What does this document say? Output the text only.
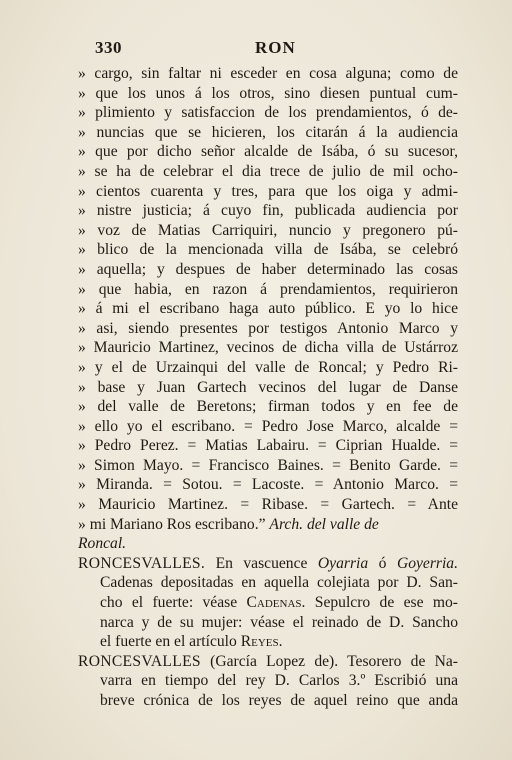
330	RON
» cargo, sin faltar ni esceder en cosa alguna; como de
» que los unos á los otros, sino diesen puntual cum-
» plimiento y satisfaccion de los prendamientos, ó de-
» nuncias que se hicieren, los citarán á la audiencia
» que por dicho señor alcalde de Isába, ó su sucesor,
» se ha de celebrar el dia trece de julio de mil ocho-
» cientos cuarenta y tres, para que los oiga y admi-
» nistre justicia; á cuyo fin, publicada audiencia por
» voz de Matias Carriquiri, nuncio y pregonero pú-
» blico de la mencionada villa de Isába, se celebró
» aquella; y despues de haber determinado las cosas
» que habia, en razon á prendamientos, requirieron
» á mi el escribano haga auto público. E yo lo hice
» asi, siendo presentes por testigos Antonio Marco y
» Mauricio Martinez, vecinos de dicha villa de Ustárroz
» y el de Urzainqui del valle de Roncal; y Pedro Ri-
» base y Juan Gartech vecinos del lugar de Danse
» del valle de Beretons; firman todos y en fee de
» ello yo el escribano. = Pedro Jose Marco, alcalde =
» Pedro Perez. = Matias Labairu. = Ciprian Hualde. =
» Simon Mayo. = Francisco Baines. = Benito Garde. =
» Miranda. = Sotou. = Lacoste. = Antonio Marco. =
» Mauricio Martinez. = Ribase. = Gartech. = Ante
» mi Mariano Ros escribano.” Arch. del valle de
Roncal.
RONCESVALLES. En vascuence Oyarria ó Goyerria.
Cadenas depositadas en aquella colejiata por D. San-
cho el fuerte: véase Cadenas. Sepulcro de ese mo-
narca y de su mujer: véase el reinado de D. Sancho
el fuerte en el artículo Reyes.
RONCESVALLES (García Lopez de). Tesorero de Na-
varra en tiempo del rey D. Carlos 3.º Escribió una
breve crónica de los reyes de aquel reino que anda
